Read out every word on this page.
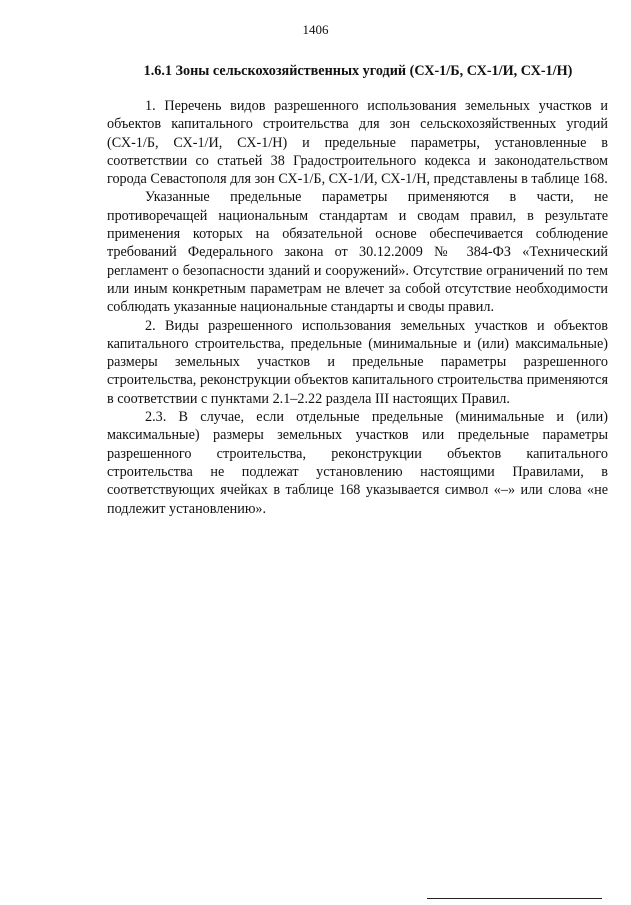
1406
1.6.1 Зоны сельскохозяйственных угодий (СХ-1/Б, СХ-1/И, СХ-1/Н)

1. Перечень видов разрешенного использования земельных участков и объектов капитального строительства для зон сельскохозяйственных угодий (СХ-1/Б, СХ-1/И, СХ-1/Н) и предельные параметры, установленные в соответствии со статьей 38 Градостроительного кодекса и законодательством города Севастополя для зон СХ-1/Б, СХ-1/И, СХ-1/Н, представлены в таблице 168.

Указанные предельные параметры применяются в части, не противоречащей национальным стандартам и сводам правил, в результате применения которых на обязательной основе обеспечивается соблюдение требований Федерального закона от 30.12.2009 № 384-ФЗ «Технический регламент о безопасности зданий и сооружений». Отсутствие ограничений по тем или иным конкретным параметрам не влечет за собой отсутствие необходимости соблюдать указанные национальные стандарты и своды правил.

2. Виды разрешенного использования земельных участков и объектов капитального строительства, предельные (минимальные и (или) максимальные) размеры земельных участков и предельные параметры разрешенного строительства, реконструкции объектов капитального строительства применяются в соответствии с пунктами 2.1–2.22 раздела III настоящих Правил.

2.3. В случае, если отдельные предельные (минимальные и (или) максимальные) размеры земельных участков или предельные параметры разрешенного строительства, реконструкции объектов капитального строительства не подлежат установлению настоящими Правилами, в соответствующих ячейках в таблице 168 указывается символ «–» или слова «не подлежит установлению».
